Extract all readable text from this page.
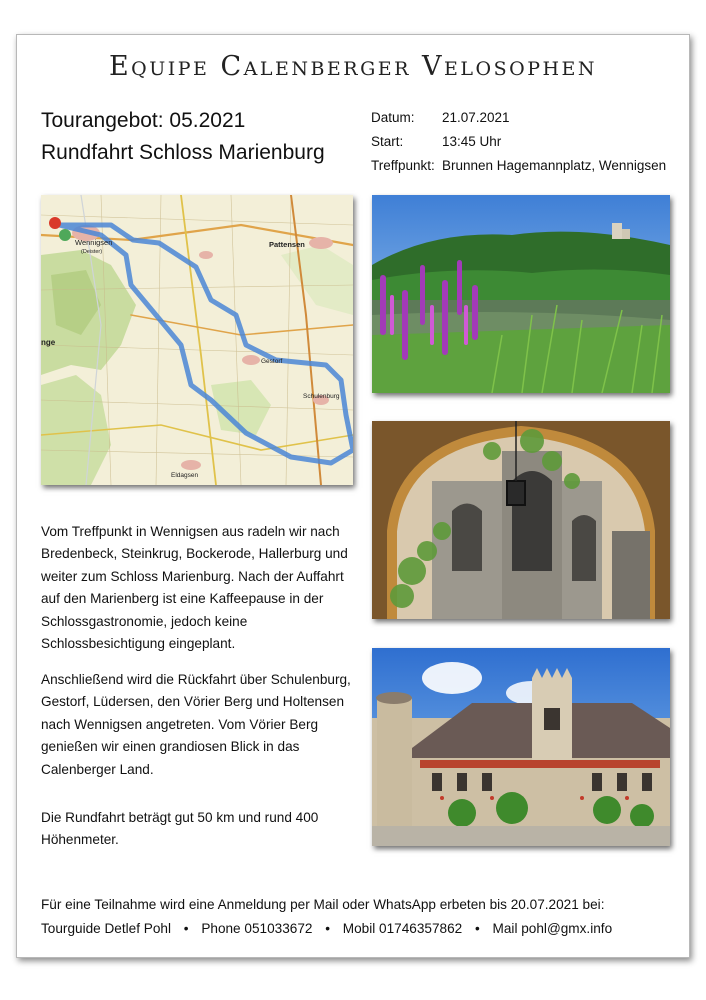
Equipe Calenberger Velosophen
Tourangebot: 05.2021
Rundfahrt Schloss Marienburg
Datum:	21.07.2021
Start:	13:45 Uhr
Treffpunkt: Brunnen Hagemannplatz, Wennigsen
Wennigsen
(Deister)
Pattensen
Gestorf
Schulenburg
Eldagsen
nge
Vom Treffpunkt in Wennigsen aus radeln wir nach Bredenbeck, Steinkrug, Bockerode, Hallerburg und weiter zum Schloss Marienburg. Nach der Auffahrt auf den Marienberg ist eine Kaffeepause in der Schlossgastronomie, jedoch keine Schlossbesichtigung eingeplant.
Anschließend wird die Rückfahrt über Schulenburg, Gestorf, Lüdersen, den Vörier Berg und Holtensen nach Wennigsen angetreten. Vom Vörier Berg genießen wir einen grandiosen Blick in das Calenberger Land.
Die Rundfahrt beträgt gut 50 km und rund 400 Höhenmeter.
Für eine Teilnahme wird eine Anmeldung per Mail oder WhatsApp erbeten bis 20.07.2021 bei:
Tourguide Detlef Pohl • Phone 051033672 • Mobil 01746357862 • Mail pohl@gmx.info
